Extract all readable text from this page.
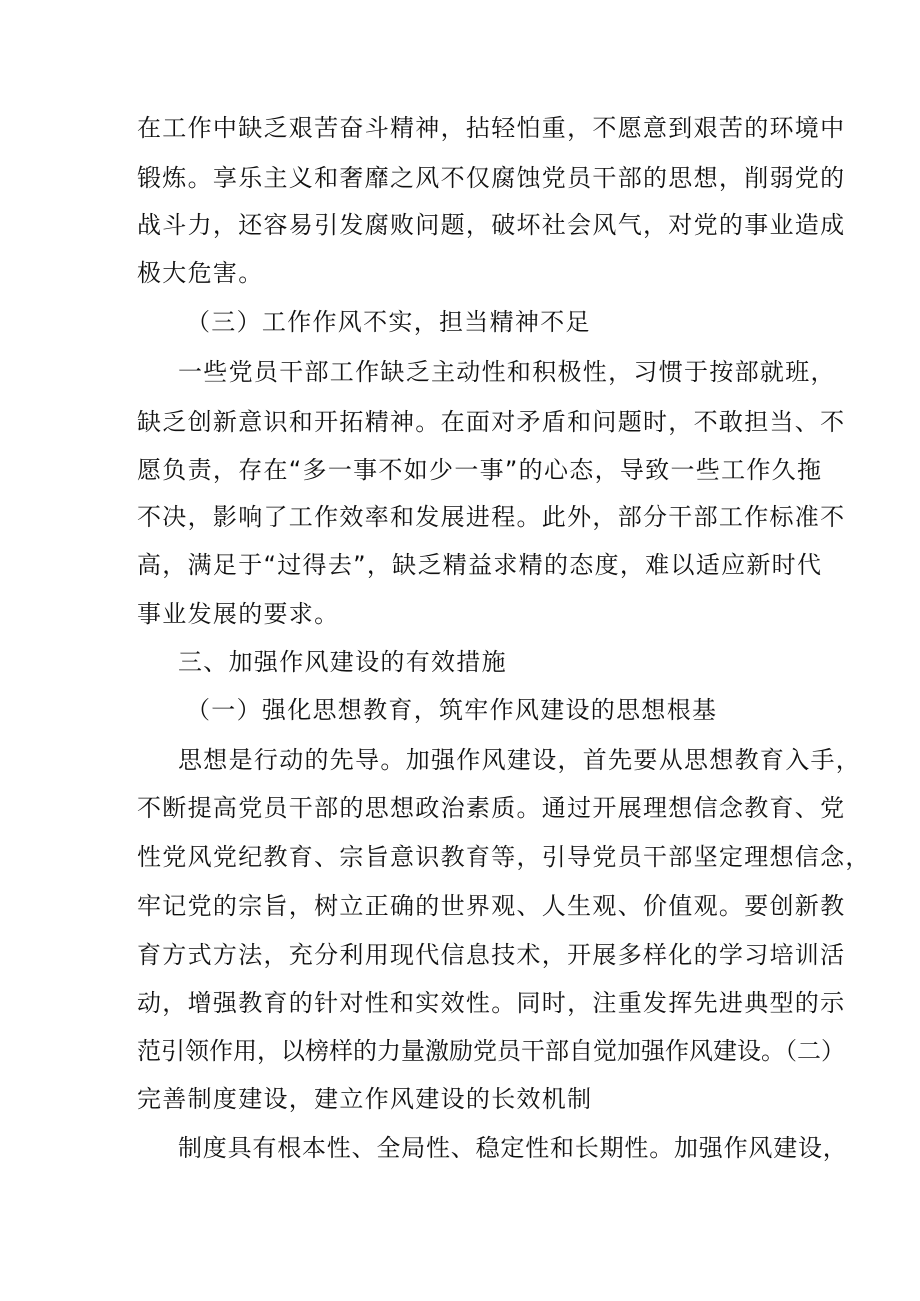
在工作中缺乏艰苦奋斗精神，拈轻怕重，不愿意到艰苦的环境中
锻炼。享乐主义和奢靡之风不仅腐蚀党员干部的思想，削弱党的
战斗力，还容易引发腐败问题，破坏社会风气，对党的事业造成
极大危害。
（三）工作作风不实，担当精神不足
一些党员干部工作缺乏主动性和积极性，习惯于按部就班，
缺乏创新意识和开拓精神。在面对矛盾和问题时，不敢担当、不
愿负责，存在“多一事不如少一事”的心态，导致一些工作久拖
不决，影响了工作效率和发展进程。此外，部分干部工作标准不
高，满足于“过得去”，缺乏精益求精的态度，难以适应新时代
事业发展的要求。
三、加强作风建设的有效措施
（一）强化思想教育，筑牢作风建设的思想根基
思想是行动的先导。加强作风建设，首先要从思想教育入手，
不断提高党员干部的思想政治素质。通过开展理想信念教育、党
性党风党纪教育、宗旨意识教育等，引导党员干部坚定理想信念，
牢记党的宗旨，树立正确的世界观、人生观、价值观。要创新教
育方式方法，充分利用现代信息技术，开展多样化的学习培训活
动，增强教育的针对性和实效性。同时，注重发挥先进典型的示
范引领作用，以榜样的力量激励党员干部自觉加强作风建设。（二）
完善制度建设，建立作风建设的长效机制
制度具有根本性、全局性、稳定性和长期性。加强作风建设，
